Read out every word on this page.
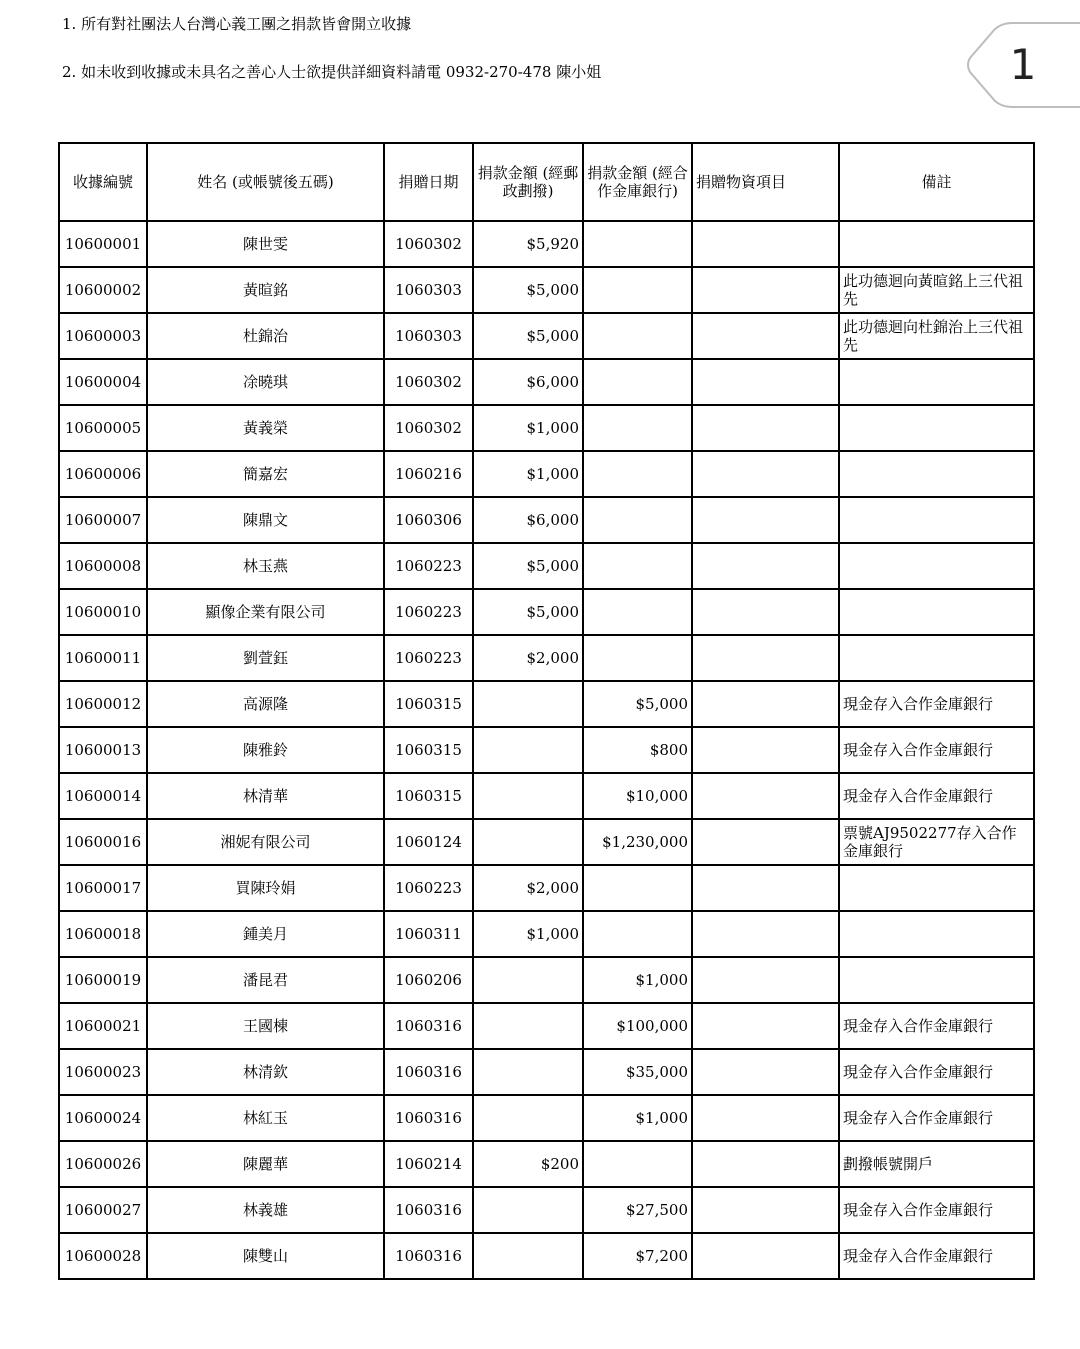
1. 所有對社團法人台灣心義工團之捐款皆會開立收據
2. 如未收到收據或未具名之善心人士欲提供詳細資料請電 0932-270-478 陳小姐	1
收據編號	姓名 (或帳號後五碼)	捐贈日期	捐款金額 (經郵政劃撥)	捐款金額 (經合作金庫銀行)	捐贈物資項目	備註
10600001	陳世雯	1060302	$5,920			
10600002	黃暄銘	1060303	$5,000			此功德迴向黃暄銘上三代祖先
10600003	杜錦治	1060303	$5,000			此功德迴向杜錦治上三代祖先
10600004	凃曉琪	1060302	$6,000			
10600005	黃義榮	1060302	$1,000			
10600006	簡嘉宏	1060216	$1,000			
10600007	陳鼎文	1060306	$6,000			
10600008	林玉燕	1060223	$5,000			
10600010	顯像企業有限公司	1060223	$5,000			
10600011	劉萱鈺	1060223	$2,000			
10600012	高源隆	1060315		$5,000		現金存入合作金庫銀行
10600013	陳雅鈴	1060315		$800		現金存入合作金庫銀行
10600014	林清華	1060315		$10,000		現金存入合作金庫銀行
10600016	湘妮有限公司	1060124		$1,230,000		票號AJ9502277存入合作金庫銀行
10600017	買陳玲娟	1060223	$2,000			
10600018	鍾美月	1060311	$1,000			
10600019	潘昆君	1060206		$1,000		
10600021	王國棟	1060316		$100,000		現金存入合作金庫銀行
10600023	林清欽	1060316		$35,000		現金存入合作金庫銀行
10600024	林紅玉	1060316		$1,000		現金存入合作金庫銀行
10600026	陳麗華	1060214	$200			劃撥帳號開戶
10600027	林義雄	1060316		$27,500		現金存入合作金庫銀行
10600028	陳雙山	1060316		$7,200		現金存入合作金庫銀行
